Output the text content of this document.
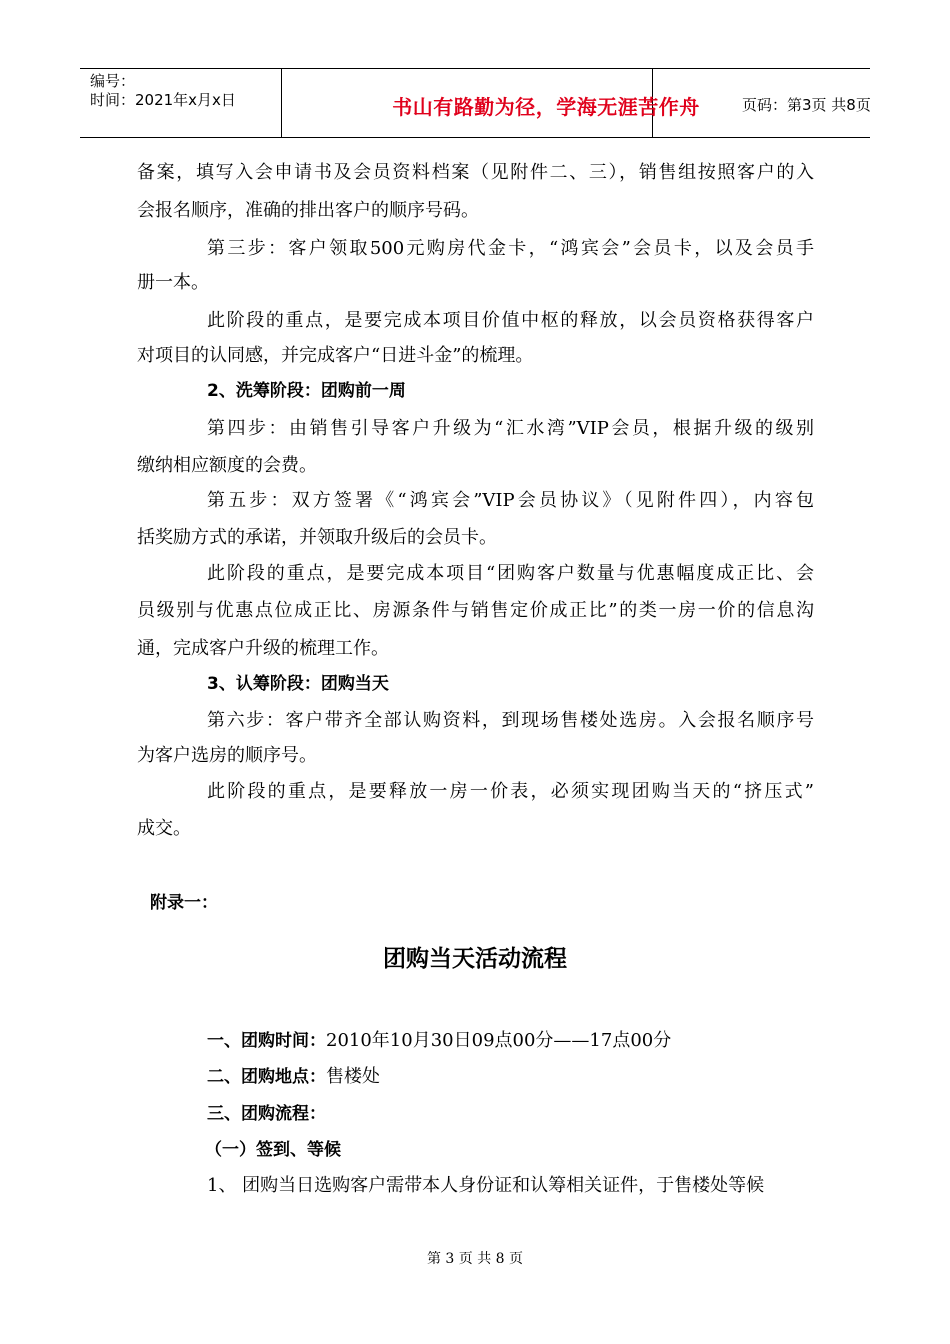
编号：
时间：2021年x月x日	书山有路勤为径，学海无涯苦作舟	页码：第3页 共8页
备案，填写入会申请书及会员资料档案（见附件二、三），销售组按照客户的入
会报名顺序，准确的排出客户的顺序号码。
第三步：客户领取500元购房代金卡，“鸿宾会”会员卡，以及会员手
册一本。
此阶段的重点，是要完成本项目价值中枢的释放，以会员资格获得客户
对项目的认同感，并完成客户“日进斗金”的梳理。
2、洗筹阶段：团购前一周
第四步：由销售引导客户升级为“汇水湾”VIP会员，根据升级的级别
缴纳相应额度的会费。
第五步：双方签署《“鸿宾会”VIP会员协议》（见附件四），内容包
括奖励方式的承诺，并领取升级后的会员卡。
此阶段的重点，是要完成本项目“团购客户数量与优惠幅度成正比、会
员级别与优惠点位成正比、房源条件与销售定价成正比”的类一房一价的信息沟
通，完成客户升级的梳理工作。
3、认筹阶段：团购当天
第六步：客户带齐全部认购资料，到现场售楼处选房。入会报名顺序号
为客户选房的顺序号。
此阶段的重点，是要释放一房一价表，必须实现团购当天的“挤压式”
成交。
附录一：
团购当天活动流程
一、团购时间：2010年10月30日09点00分——17点00分
二、团购地点：售楼处
三、团购流程：
（一）签到、等候
1、 团购当日选购客户需带本人身份证和认筹相关证件，于售楼处等候
第 3 页 共 8 页
